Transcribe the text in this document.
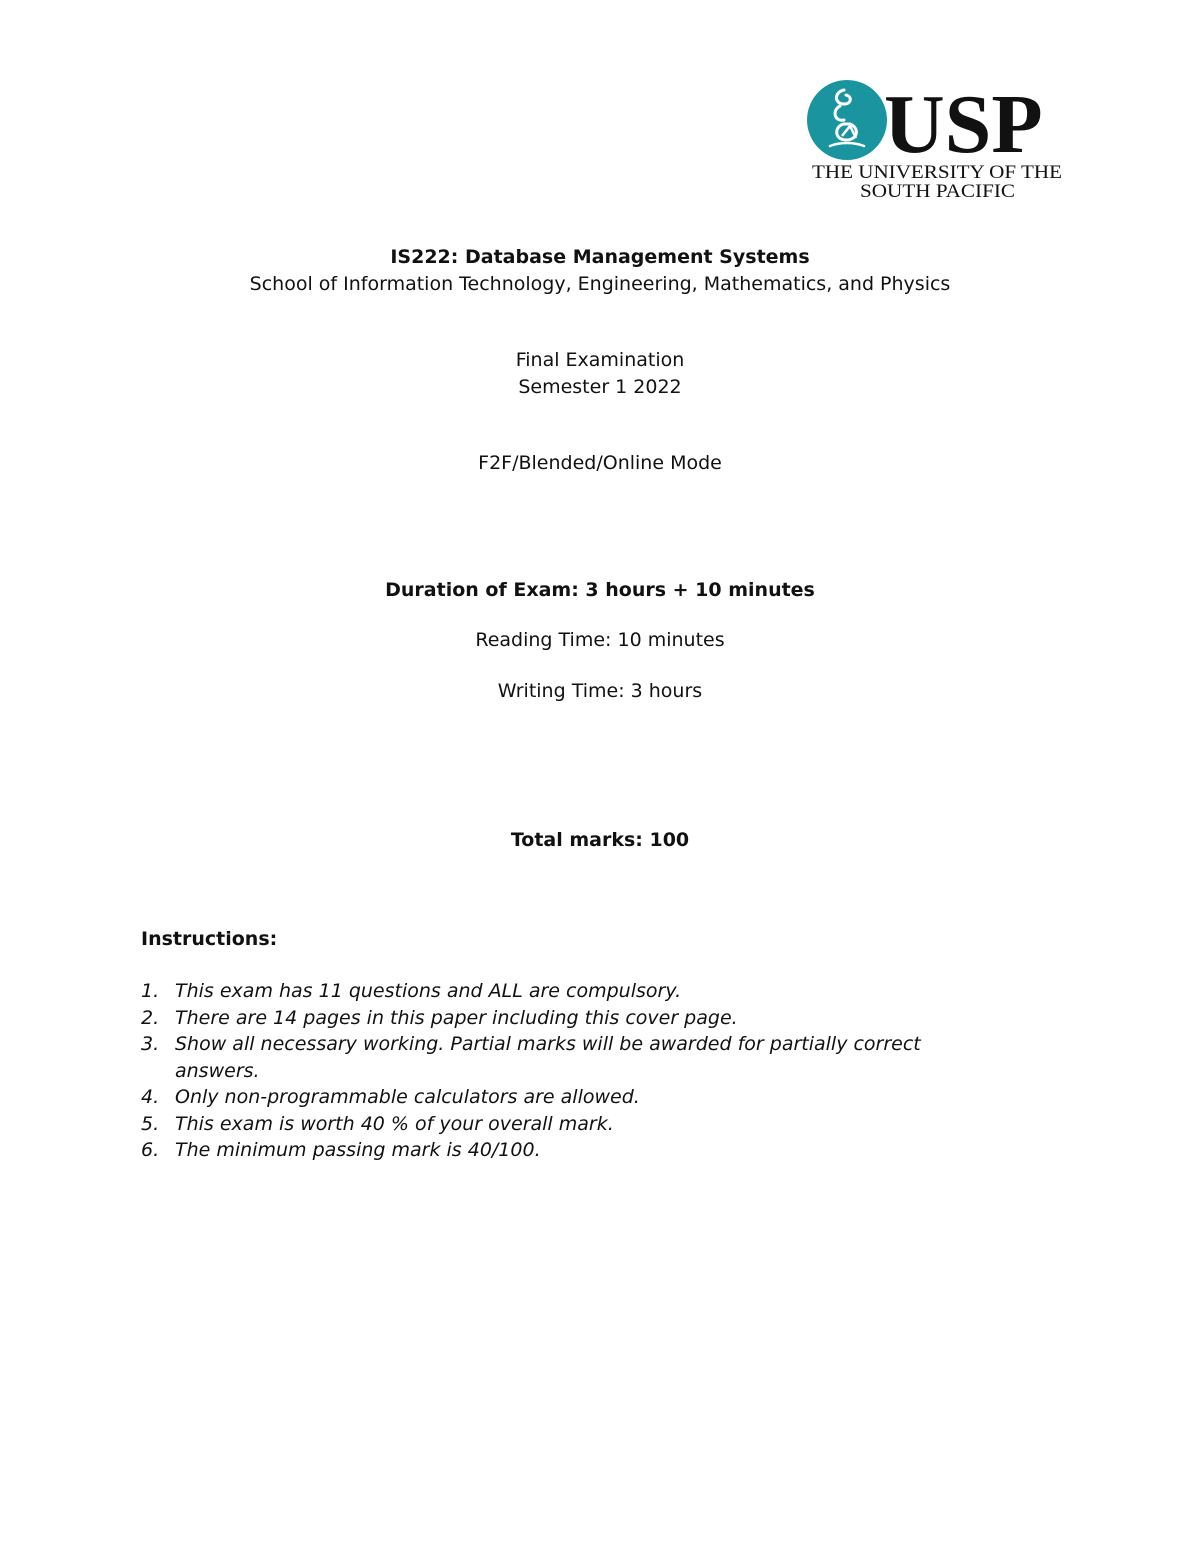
USP
THE UNIVERSITY OF THE
SOUTH PACIFIC
IS222: Database Management Systems
School of Information Technology, Engineering, Mathematics, and Physics
Final Examination
Semester 1 2022
F2F/Blended/Online Mode
Duration of Exam: 3 hours + 10 minutes
Reading Time: 10 minutes
Writing Time: 3 hours
Total marks: 100
Instructions:
1. This exam has 11 questions and ALL are compulsory.
2. There are 14 pages in this paper including this cover page.
3. Show all necessary working. Partial marks will be awarded for partially correct answers.
4. Only non-programmable calculators are allowed.
5. This exam is worth 40 % of your overall mark.
6. The minimum passing mark is 40/100.
